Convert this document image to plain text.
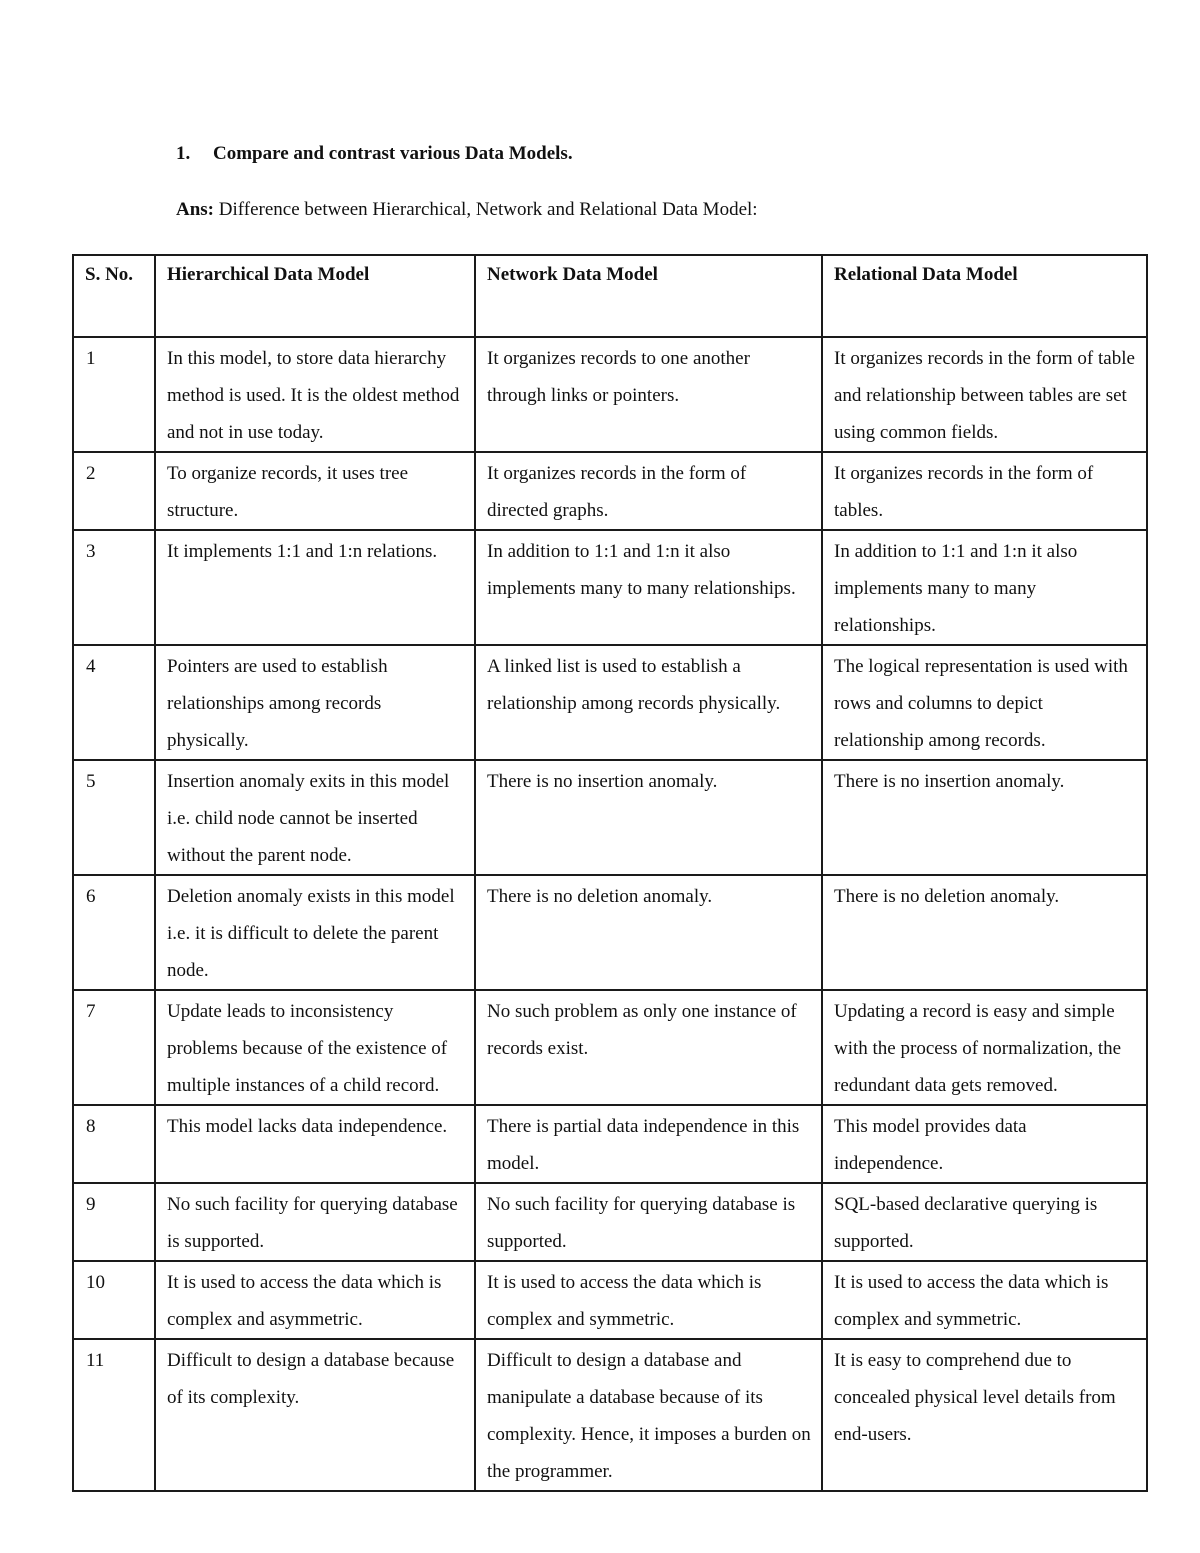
1. Compare and contrast various Data Models.

Ans: Difference between Hierarchical, Network and Relational Data Model:

S. No.	Hierarchical Data Model	Network Data Model	Relational Data Model
1	In this model, to store data hierarchy method is used. It is the oldest method and not in use today.	It organizes records to one another through links or pointers.	It organizes records in the form of table and relationship between tables are set using common fields.
2	To organize records, it uses tree structure.	It organizes records in the form of directed graphs.	It organizes records in the form of tables.
3	It implements 1:1 and 1:n relations.	In addition to 1:1 and 1:n it also implements many to many relationships.	In addition to 1:1 and 1:n it also implements many to many relationships.
4	Pointers are used to establish relationships among records physically.	A linked list is used to establish a relationship among records physically.	The logical representation is used with rows and columns to depict relationship among records.
5	Insertion anomaly exits in this model i.e. child node cannot be inserted without the parent node.	There is no insertion anomaly.	There is no insertion anomaly.
6	Deletion anomaly exists in this model i.e. it is difficult to delete the parent node.	There is no deletion anomaly.	There is no deletion anomaly.
7	Update leads to inconsistency problems because of the existence of multiple instances of a child record.	No such problem as only one instance of records exist.	Updating a record is easy and simple with the process of normalization, the redundant data gets removed.
8	This model lacks data independence.	There is partial data independence in this model.	This model provides data independence.
9	No such facility for querying database is supported.	No such facility for querying database is supported.	SQL-based declarative querying is supported.
10	It is used to access the data which is complex and asymmetric.	It is used to access the data which is complex and symmetric.	It is used to access the data which is complex and symmetric.
11	Difficult to design a database because of its complexity.	Difficult to design a database and manipulate a database because of its complexity. Hence, it imposes a burden on the programmer.	It is easy to comprehend due to concealed physical level details from end-users.
